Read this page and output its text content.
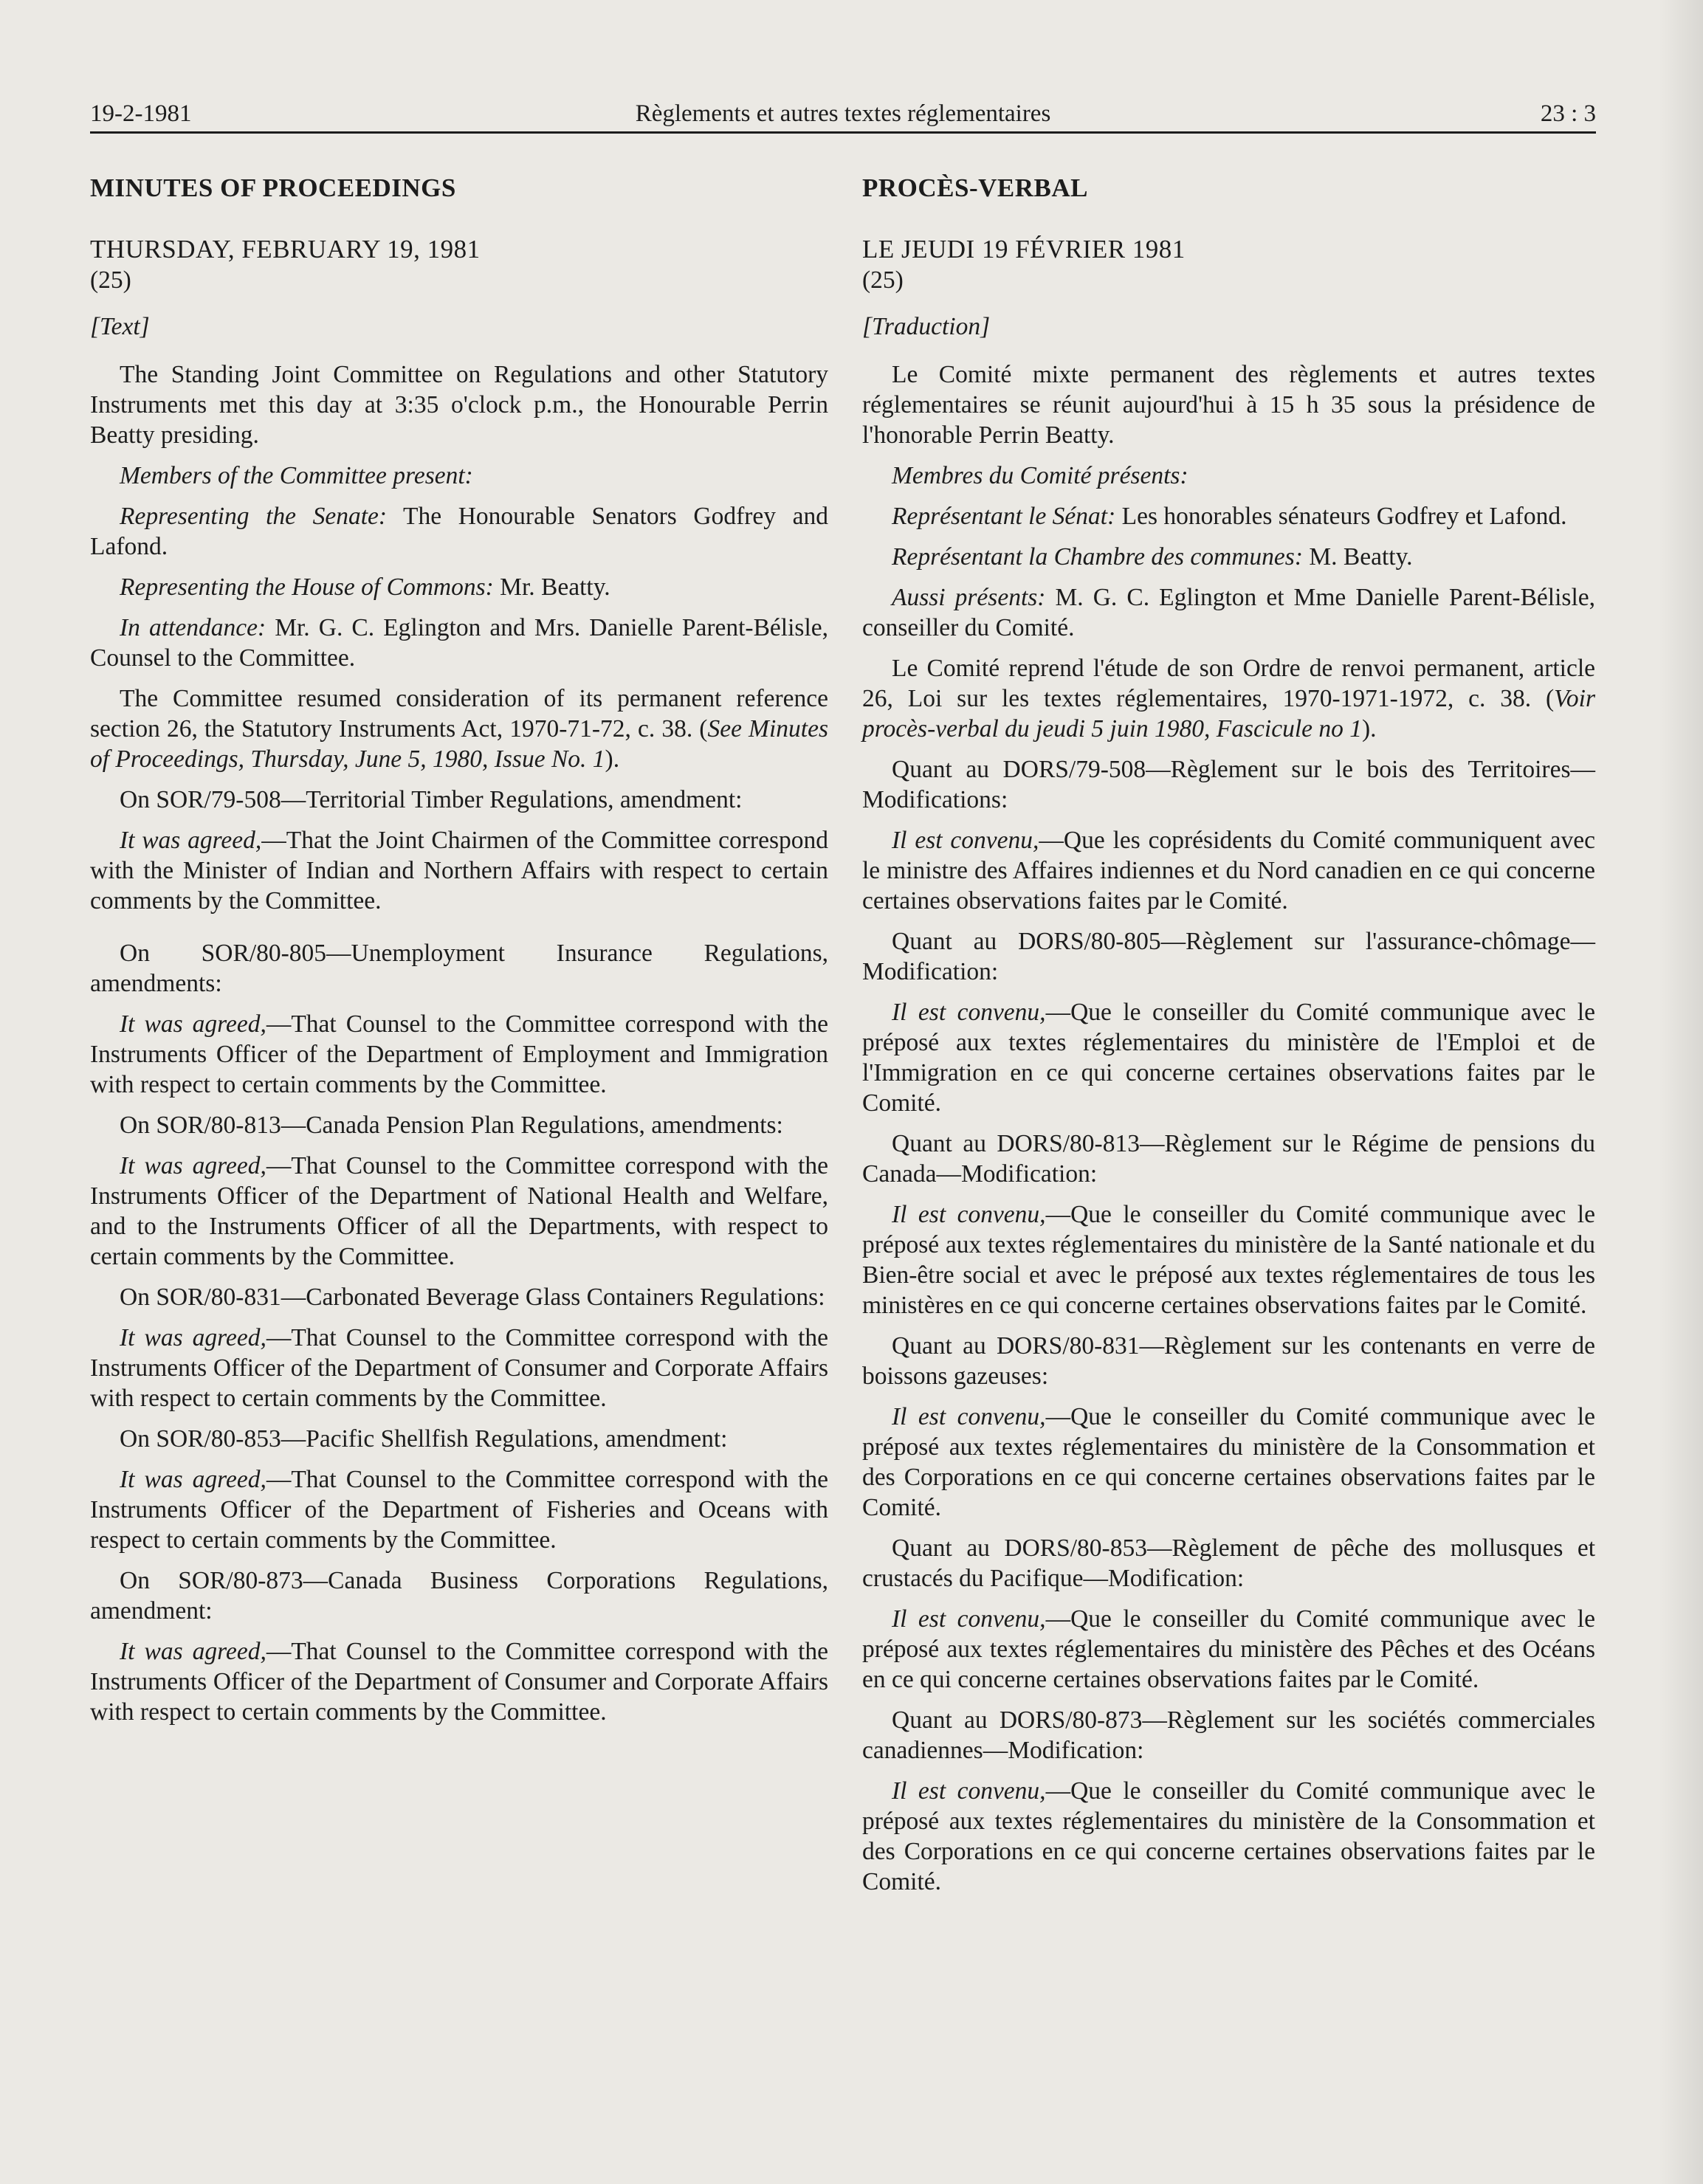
19-2-1981	Règlements et autres textes réglementaires	23 : 3

MINUTES OF PROCEEDINGS

THURSDAY, FEBRUARY 19, 1981

(25)

[Text]

The Standing Joint Committee on Regulations and other Statutory Instruments met this day at 3:35 o'clock p.m., the Honourable Perrin Beatty presiding.

Members of the Committee present:

Representing the Senate: The Honourable Senators Godfrey and Lafond.

Representing the House of Commons: Mr. Beatty.

In attendance: Mr. G. C. Eglington and Mrs. Danielle Parent-Bélisle, Counsel to the Committee.

The Committee resumed consideration of its permanent reference section 26, the Statutory Instruments Act, 1970-71-72, c. 38. (See Minutes of Proceedings, Thursday, June 5, 1980, Issue No. 1).

On SOR/79-508—Territorial Timber Regulations, amendment:

It was agreed,—That the Joint Chairmen of the Committee correspond with the Minister of Indian and Northern Affairs with respect to certain comments by the Committee.

On SOR/80-805—Unemployment Insurance Regulations, amendments:

It was agreed,—That Counsel to the Committee correspond with the Instruments Officer of the Department of Employment and Immigration with respect to certain comments by the Committee.

On SOR/80-813—Canada Pension Plan Regulations, amendments:

It was agreed,—That Counsel to the Committee correspond with the Instruments Officer of the Department of National Health and Welfare, and to the Instruments Officer of all the Departments, with respect to certain comments by the Committee.

On SOR/80-831—Carbonated Beverage Glass Containers Regulations:

It was agreed,—That Counsel to the Committee correspond with the Instruments Officer of the Department of Consumer and Corporate Affairs with respect to certain comments by the Committee.

On SOR/80-853—Pacific Shellfish Regulations, amendment:

It was agreed,—That Counsel to the Committee correspond with the Instruments Officer of the Department of Fisheries and Oceans with respect to certain comments by the Committee.

On SOR/80-873—Canada Business Corporations Regulations, amendment:

It was agreed,—That Counsel to the Committee correspond with the Instruments Officer of the Department of Consumer and Corporate Affairs with respect to certain comments by the Committee.

PROCÈS-VERBAL

LE JEUDI 19 FÉVRIER 1981

(25)

[Traduction]

Le Comité mixte permanent des règlements et autres textes réglementaires se réunit aujourd'hui à 15 h 35 sous la présidence de l'honorable Perrin Beatty.

Membres du Comité présents:

Représentant le Sénat: Les honorables sénateurs Godfrey et Lafond.

Représentant la Chambre des communes: M. Beatty.

Aussi présents: M. G. C. Eglington et Mme Danielle Parent-Bélisle, conseiller du Comité.

Le Comité reprend l'étude de son Ordre de renvoi permanent, article 26, Loi sur les textes réglementaires, 1970-1971-1972, c. 38. (Voir procès-verbal du jeudi 5 juin 1980, Fascicule no 1).

Quant au DORS/79-508—Règlement sur le bois des Territoires—Modifications:

Il est convenu,—Que les coprésidents du Comité communiquent avec le ministre des Affaires indiennes et du Nord canadien en ce qui concerne certaines observations faites par le Comité.

Quant au DORS/80-805—Règlement sur l'assurance-chômage—Modification:

Il est convenu,—Que le conseiller du Comité communique avec le préposé aux textes réglementaires du ministère de l'Emploi et de l'Immigration en ce qui concerne certaines observations faites par le Comité.

Quant au DORS/80-813—Règlement sur le Régime de pensions du Canada—Modification:

Il est convenu,—Que le conseiller du Comité communique avec le préposé aux textes réglementaires du ministère de la Santé nationale et du Bien-être social et avec le préposé aux textes réglementaires de tous les ministères en ce qui concerne certaines observations faites par le Comité.

Quant au DORS/80-831—Règlement sur les contenants en verre de boissons gazeuses:

Il est convenu,—Que le conseiller du Comité communique avec le préposé aux textes réglementaires du ministère de la Consommation et des Corporations en ce qui concerne certaines observations faites par le Comité.

Quant au DORS/80-853—Règlement de pêche des mollusques et crustacés du Pacifique—Modification:

Il est convenu,—Que le conseiller du Comité communique avec le préposé aux textes réglementaires du ministère des Pêches et des Océans en ce qui concerne certaines observations faites par le Comité.

Quant au DORS/80-873—Règlement sur les sociétés commerciales canadiennes—Modification:

Il est convenu,—Que le conseiller du Comité communique avec le préposé aux textes réglementaires du ministère de la Consommation et des Corporations en ce qui concerne certaines observations faites par le Comité.
